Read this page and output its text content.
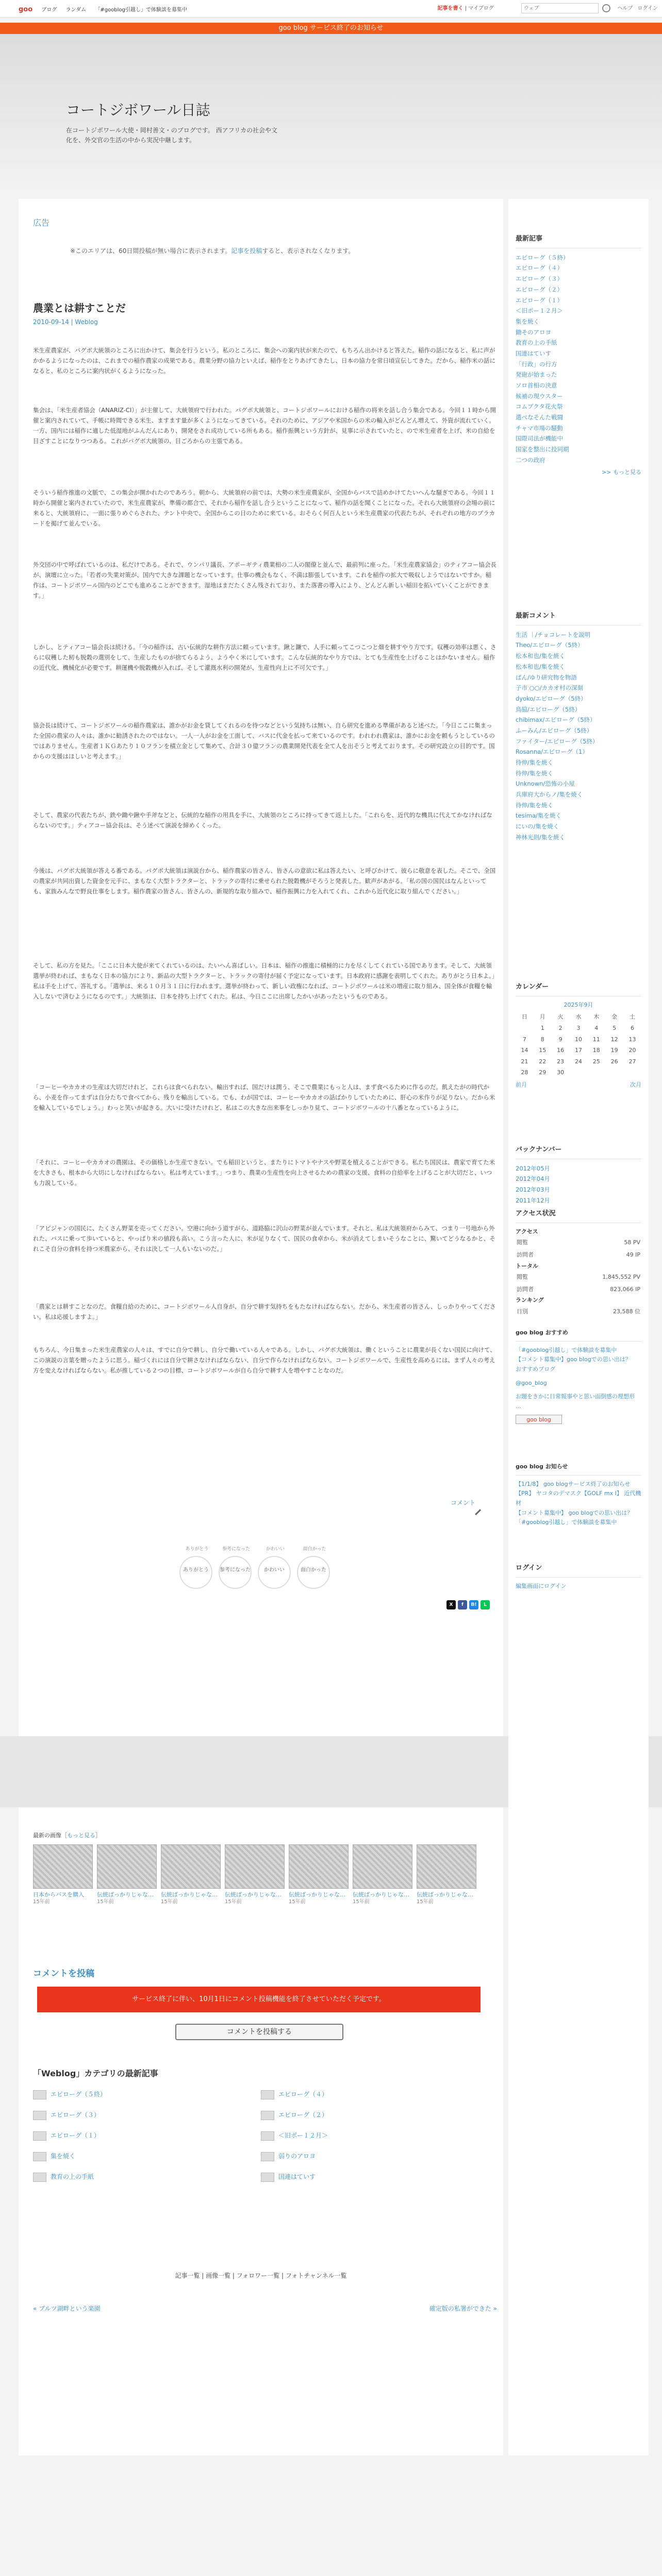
goo ブログ ランダム 「#gooblog引越し」で体験談を募集中	記事を書く | マイブログ ウェブ	ヘルプ ログイン
goo blog サービス終了のお知らせ
コートジボワール日誌
在コートジボワール大使・岡村善文・のブログです。 西アフリカの社会や文化を、外交官の生活の中から実況中継します。
広告
※このエリアは、60日間投稿が無い場合に表示されます。記事を投稿すると、表示されなくなります。
農業とは耕すことだ
2010-09-14 | Weblog

米生産農家が、パグボ大統領のところに出かけて、集会を行うという。私のところに、集会への案内状が来たので、もちろん出かけると答えた。稲作の話になると、私に声がかかるようになったのは、これまでの稲作農家の成果である。農業分野の協力といえば、稲作をとりあげてきたし、日本の協力を常日頃宣伝してきた。だから、稲作米の話になると、私のところに案内状がくるようになった。

集会は、「米生産者協会（ANARIZ-CI）」が主催して、大統領府で行われた。パグボ大統領と、コートジボワールにおける稲作の将来を話し合う集会である。今回１１時から開催と案内されていて、手帳に時間できる米生、ますます量が多くようになってきている。それのために、アジアや米国からの米の輸入がどんどん増えて、外資が流れていく。一方、国内には稲作に適した低湿地がふんだんにあり、開発をされ成功している所もある。稲作振興という方針が、見事に示されていたと、ので米生産者を上げ、米の自給を目ざすことになりつつある。これがパグボ大統領の、目ごろからの主張である。

そういう稲作推進の文脈で、この集会が開かれたのであろう。朝から、大統領府の前では、大勢の米生産農家が、全国からバスで詰めかけてたいへんな騒ぎである。今回１１時から開催と案内されていたので、米生産農家が、準備の都合で、それから稲作を話し合うということになって、稲作の話を聞くことになった。それら大統領府の会場の前に来ると、大統領府に、一面に張りめぐらされた、テント中央で、全国からこの日のために来ている。おそらく何百人という米生産農家の代表たちが、それぞれの地方のプラカードを掲げて並んでいる。

外交団の中で呼ばれているのは、私だけである。それで、ウンパリ議長、アポーギティ農業相の二人の閣僚と並んで、最前列に座った。「米生産農家協会」のティアコー協会長が、演壇に立った。「若者の失業対策が、国内で大きな課題となっています。仕事の機会もなく、不満は膨張しています。これを稲作の拡大で吸収しようではないですか。稲作は、コートジボワール国内のどこでも進めることができます。湿地はまだたくさん残されており、また落書の導入により、どんどん新しい稲田を拓いていくことができます。」

しかし、とティアコー協会長は続ける。「今の稲作は、古い伝統的な耕作方法に頼っています。鍬と鎌で、人手に頼ってこつこつと畑を耕すやり方です。収穫の効率は悪く、さらに収穫した籾も脱穀の選別をして、生産したものが捨てらるよう、ようやく米にしています。こんな伝統的なやり方では、とても生産性を上げることはかないません。稲作の近代化、機械化が必要です。耕運機や脱穀機が入れば、そして灌漑水利の開発が、生産性向上に不可欠です。」

協会長は続けて、コートジボワールの稲作農家は、誰かがお金を貸してくれるのを待つなどという気持ちは無い、自ら研究を進める準備があると述べた。「今日ここに集まった全国の農家の人々は、誰かに勧誘されたのではない。一人一人がお金を工面して、バスに代金を払って来ているのです。われわれ農家は、誰かにお金を頼もうとしているのではありません。生産者１ＫＧあたり１０フランを積立金として集めて、合計３０億フランの農業開発代表を全て人を出そうと考えております。その研究設立の目的です。国からの支援はほしいと考えます。」

そして、農家の代表たちが、鉄や鋤や鍬や手斧などと、伝統的な稲作の用具を手に、大統領のところに持ってきて返上した。「これらを、近代的な機具に代えてかなければならないのです。」ティアコー協会長は、そう述べて演説を締めくくった。

今後は、パグボ大統領が答える番である。パグボ大統領は演説台から、稲作農家の皆さん、皆さんの意欲に私は答えたい、と呼びかけて、彼らに敬意を表した。そこで、全国の農家が共同出資した資金を元手に、まもなく大型トラクターと、トラックの寄付に乗せられた脱穀機がそろうと発表した。歓声があがる。「私の国の国民はなんといっても、家族みんなで野良仕事をします。稲作農家の皆さん、皆さんの、新規的な取り組みで、稲作振興に力を入れてくれ、これから近代化に取り組んでください。」

そして、私の方を見た。「ここに日本大使が来てくれているのは、たいへん喜ばしい。日本は、稲作の推進に積極的に力を尽くしてくれている国であります。そして、大統領選挙が終われば、まもなく日本の協力により、新品の大型トラクターと、トラックの寄付が届く予定になっています。日本政府に感謝を表明してくれた。ありがとう日本よ。」私は手を上げて、答礼する。「選挙は、来る１０月３１日に行われます。選挙が終わって、新しい政権になれば、コートジボワールは米の増産に取り組み、国全体が食糧を輸入しないで済むようになるのです。」大統領は、日本を持ち上げてくれた。私は、今日ここに出席したかいがあったというものである。

「コーヒーやカカオの生産は大切だけれど、これらは食べられない。輸出すれば、国だけは潤う、そこで農業にもっと人は、まず食べるために作るのだ。飢えたがの時代から、小麦を作ってまずは自分たちで食べてから、残りを輸出している。でも、わが国では、コーヒーやカカオの話ばかりしていたために、肝心の米作りが足りない。だから米を輸入しているでしょう。」わっと笑いが起きる。大いに受けたけれど、私はこの大きな出来事をしっかり見て、コートジボワールの十八番となっているように。

「それに、コーヒーやカカオの農園は、その価格しか生産できない。でも稲田というと、またりにトマトやナスや野菜を植えることができる。私たち国民は、農家で育てた米を大きさも、根本から大切にしなければならない。私は考えています。」つまり、農業の生産性を向上させるための農家の支援、食料の自給率を上げることが大切だと、いつも力説している。

「アビジャンの国民に、たくさん野菜を売ってください。空港に向かう道すがら、道路脇に沢山の野菜が並んでいます。それと、私は大統領府からみて、つまり一号地から外れた、バスに乗って歩いていると、やっぱり米の値段も高い。こう言った人に、米が足りなくて、国民の食卓から、米が消えてしまいそうなことに、驚いてどうなるかと、それこそ自分の食料を持つ米農家から、それは決して一人もいないのだ。」

「農家とは耕すことなのだ。食糧自給のために、コートジボワール人自身が、自分で耕す気持ちをもたなければならない。だから、米生産者の皆さん、しっかりやってください。私は応援しますよ。」

もちろん、今日集まった米生産農家の人々は、すでに自分で耕し、自分で働いている人々である。しかし、パグボ大統領は、働くということに農業が長くない国民に向けて、この演説の言葉を贈ったように思う。稲づくれには自分で耕さなければならない、自分で作らなければならない。コートジボワールで、生産性を高めるには、まず人々の考え方を変えなければならない。私が推している２つの目標、コートジボワールが自ら自分で耕す人を増やすことなのだ。

コメント
ありがとう
ありがとう
参考になった
参考になった
かわいい
かわいい
面白かった
面白かった
X	f	B!	L
最新の画像［もっと見る］
日本からバスを購入
15年前
伝統ばっかりじゃな…
15年前
伝統ばっかりじゃな…
15年前
伝統ばっかりじゃな…
15年前
伝統ばっかりじゃな…
15年前
伝統ばっかりじゃな…
15年前
伝統ばっかりじゃな…
15年前
コメントを投稿
サービス終了に伴い、10月1日にコメント投稿機能を終了させていただく予定です。
コメントを投稿する
「Weblog」カテゴリの最新記事
エピローグ（５終）	エピローグ（４）
エピローグ（３）	エピローグ（２）
エピローグ（１）	＜旧ポー１２月＞
集を焼く	弱りのアロヨ
教育の上の手紙	国連はていす
記事一覧 | 画像一覧 | フォロワー一覧 | フォトチャンネル一覧
« ブルツ湖畔という楽園	確定版の私署ができた »
最新記事
エピローグ（５終）
エピローグ（４）
エピローグ（３）
エピローグ（２）
エピローグ（１）
＜旧ポー１２月＞
集を焼く
鋤そのアロヨ
教育の上の手紙
国連はていす
「行政」の行方
発砲が始まった
ソロ首相の決意
候補の現ウスター
コムブクタ花火祭
選べなそんた戦闘
チャマ市場の騒動
国際司法が機能中
国家を整出に投同期
二つの政府
>> もっと見る
最新コメント
生活 ｜/チョコレートを説明
Theo/エピローグ（5終）
松本和也/集を焼く
松本和也/集を焼く
ぱん/ゆり研究物を物語
子市 ○○/カカオ村の深刻
dyoko/エピローグ（5終）
鳥脇/エピローグ（5終）
chibimax/エピローグ（5終）
ふーみん/エピローグ（5終）
ファイター/エピローグ（5終）
Rosanna/エピローグ（1）
待伸/集を焼く
待伸/集を焼く
Unknown/恐怖の小屋
兵庫府大からノ/集を焼く
待伸/集を焼く
tesima/集を焼く
にいの/集を焼く
神林光則/集を焼く
カレンダー
2025年9月
日	月	火	水	木	金	土
	1	2	3	4	5	6
7	8	9	10	11	12	13
14	15	16	17	18	19	20
21	22	23	24	25	26	27
28	29	30				
前月	次月
バックナンバー
2012年05月
2012年04月
2012年03月
2011年12月
アクセス状況
アクセス
閲覧	58 PV
訪問者	49 IP
トータル
閲覧	1,845,552 PV
訪問者	823,066 IP
ランキング
日別	23,588 位
goo blog おすすめ
「#gooblog引越し」で体験談を募集中
【コメント募集中】goo blogでの思い出は？
おすすめブログ
@goo_blog
お題をきかに日常報事やと思い面倒感の理想形 ...
goo blog
goo blog お知らせ
【1/1/8】 goo blogサービス終了のお知らせ
【PR】 ヤコタのデマスク【GOLF mx I】 近代機材
【コメント募集中】 goo blogでの思い出は？
「#gooblog引越し」で体験談を募集中
ログイン
編集画面にログイン
